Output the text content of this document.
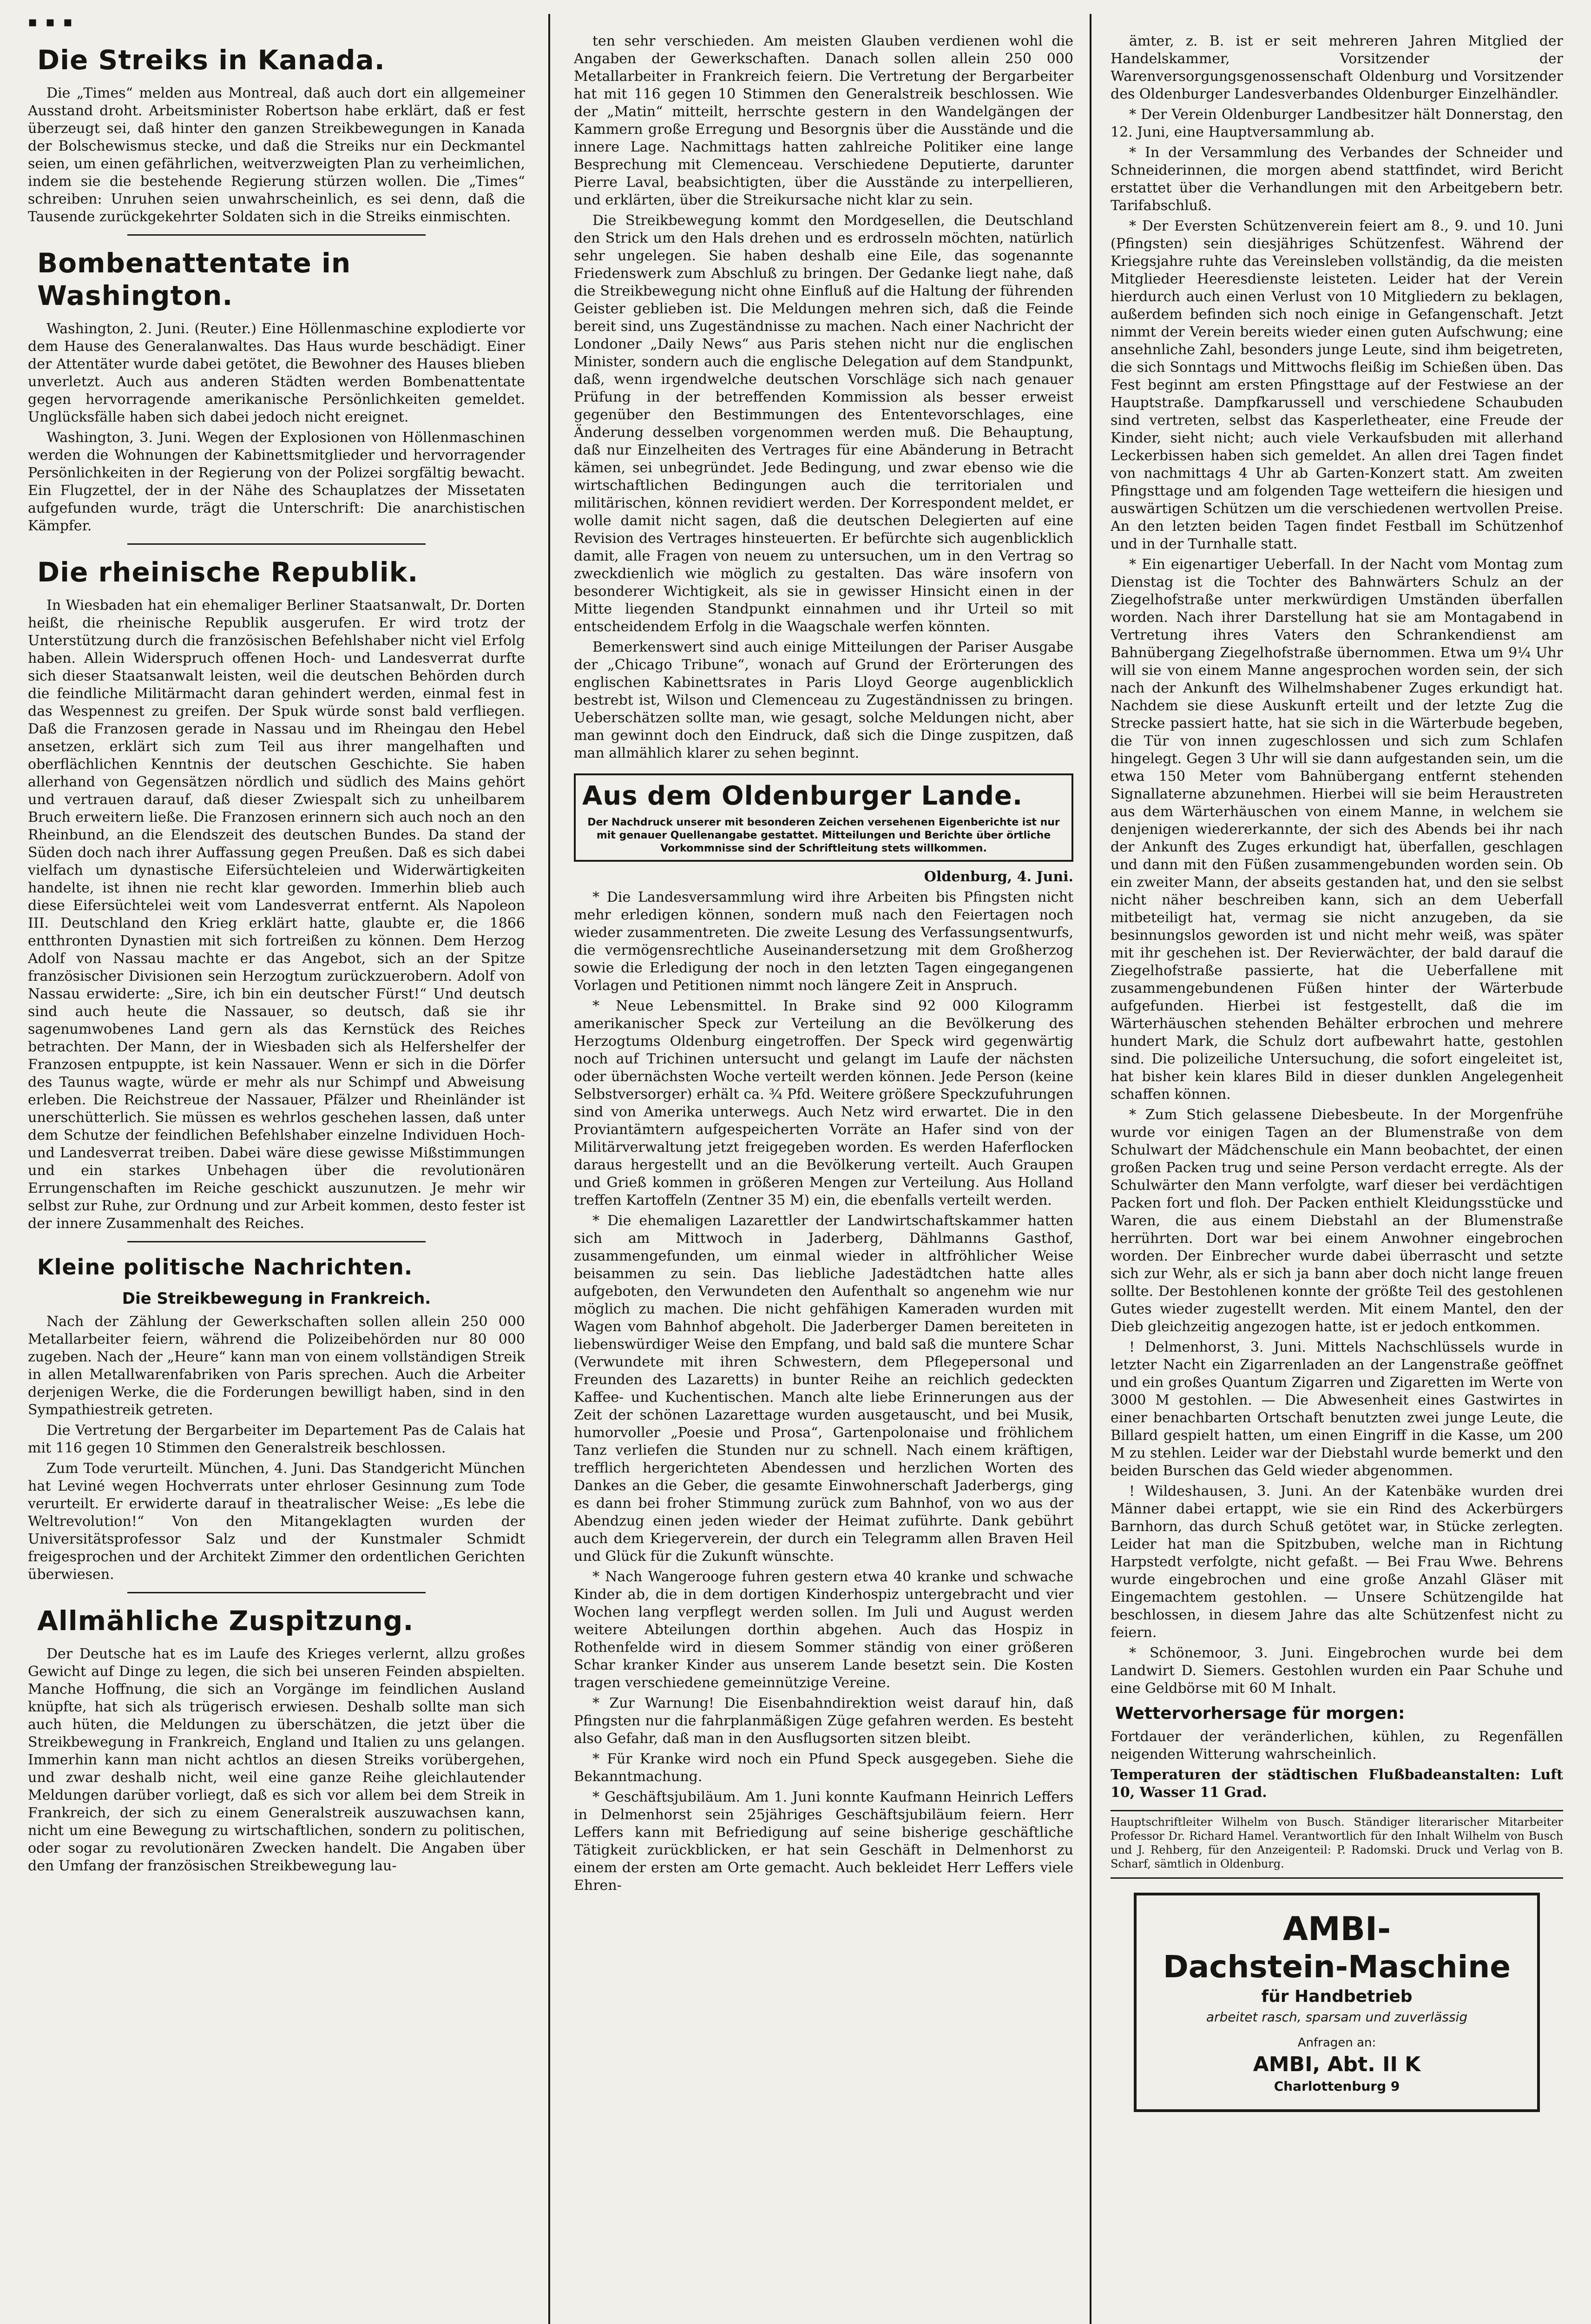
▪ ▪ ▪
Die Streiks in Kanada.

Die „Times“ melden aus Montreal, daß auch dort ein allgemeiner Ausstand droht. Arbeitsminister Robertson habe erklärt, daß er fest überzeugt sei, daß hinter den ganzen Streikbewegungen in Kanada der Bolschewismus stecke, und daß die Streiks nur ein Deckmantel seien, um einen gefährlichen, weitverzweigten Plan zu verheimlichen, indem sie die bestehende Regierung stürzen wollen. Die „Times“ schreiben: Unruhen seien unwahrscheinlich, es sei denn, daß die Tausende zurückgekehrter Soldaten sich in die Streiks einmischten.

Bombenattentate in Washington.

Washington, 2. Juni. (Reuter.) Eine Höllenmaschine explodierte vor dem Hause des Generalanwaltes. Das Haus wurde beschädigt. Einer der Attentäter wurde dabei getötet, die Bewohner des Hauses blieben unverletzt. Auch aus anderen Städten werden Bombenattentate gegen hervorragende amerikanische Persönlichkeiten gemeldet. Unglücksfälle haben sich dabei jedoch nicht ereignet.

Washington, 3. Juni. Wegen der Explosionen von Höllenmaschinen werden die Wohnungen der Kabinettsmitglieder und hervorragender Persönlichkeiten in der Regierung von der Polizei sorgfältig bewacht. Ein Flugzettel, der in der Nähe des Schauplatzes der Missetaten aufgefunden wurde, trägt die Unterschrift: Die anarchistischen Kämpfer.

Die rheinische Republik.

In Wiesbaden hat ein ehemaliger Berliner Staatsanwalt, Dr. Dorten heißt, die rheinische Republik ausgerufen. Er wird trotz der Unterstützung durch die französischen Befehlshaber nicht viel Erfolg haben. Allein Widerspruch offenen Hoch- und Landesverrat durfte sich dieser Staatsanwalt leisten, weil die deutschen Behörden durch die feindliche Militärmacht daran gehindert werden, einmal fest in das Wespennest zu greifen. Der Spuk würde sonst bald verfliegen. Daß die Franzosen gerade in Nassau und im Rheingau den Hebel ansetzen, erklärt sich zum Teil aus ihrer mangelhaften und oberflächlichen Kenntnis der deutschen Geschichte. Sie haben allerhand von Gegensätzen nördlich und südlich des Mains gehört und vertrauen darauf, daß dieser Zwiespalt sich zu unheilbarem Bruch erweitern ließe. Die Franzosen erinnern sich auch noch an den Rheinbund, an die Elendszeit des deutschen Bundes. Da stand der Süden doch nach ihrer Auffassung gegen Preußen. Daß es sich dabei vielfach um dynastische Eifersüchteleien und Widerwärtigkeiten handelte, ist ihnen nie recht klar geworden. Immerhin blieb auch diese Eifersüchtelei weit vom Landesverrat entfernt. Als Napoleon III. Deutschland den Krieg erklärt hatte, glaubte er, die 1866 entthronten Dynastien mit sich fortreißen zu können. Dem Herzog Adolf von Nassau machte er das Angebot, sich an der Spitze französischer Divisionen sein Herzogtum zurückzuerobern. Adolf von Nassau erwiderte: „Sire, ich bin ein deutscher Fürst!“ Und deutsch sind auch heute die Nassauer, so deutsch, daß sie ihr sagenumwobenes Land gern als das Kernstück des Reiches betrachten. Der Mann, der in Wiesbaden sich als Helfershelfer der Franzosen entpuppte, ist kein Nassauer. Wenn er sich in die Dörfer des Taunus wagte, würde er mehr als nur Schimpf und Abweisung erleben. Die Reichstreue der Nassauer, Pfälzer und Rheinländer ist unerschütterlich. Sie müssen es wehrlos geschehen lassen, daß unter dem Schutze der feindlichen Befehlshaber einzelne Individuen Hoch- und Landesverrat treiben. Dabei wäre diese gewisse Mißstimmungen und ein starkes Unbehagen über die revolutionären Errungenschaften im Reiche geschickt auszunutzen. Je mehr wir selbst zur Ruhe, zur Ordnung und zur Arbeit kommen, desto fester ist der innere Zusammenhalt des Reiches.

Kleine politische Nachrichten.
Die Streikbewegung in Frankreich.

Nach der Zählung der Gewerkschaften sollen allein 250 000 Metallarbeiter feiern, während die Polizeibehörden nur 80 000 zugeben. Nach der „Heure“ kann man von einem vollständigen Streik in allen Metallwarenfabriken von Paris sprechen. Auch die Arbeiter derjenigen Werke, die die Forderungen bewilligt haben, sind in den Sympathiestreik getreten.

Die Vertretung der Bergarbeiter im Departement Pas de Calais hat mit 116 gegen 10 Stimmen den Generalstreik beschlossen.

Zum Tode verurteilt. München, 4. Juni. Das Standgericht München hat Leviné wegen Hochverrats unter ehrloser Gesinnung zum Tode verurteilt. Er erwiderte darauf in theatralischer Weise: „Es lebe die Weltrevolution!“ Von den Mitangeklagten wurden der Universitätsprofessor Salz und der Kunstmaler Schmidt freigesprochen und der Architekt Zimmer den ordentlichen Gerichten überwiesen.

Allmähliche Zuspitzung.

Der Deutsche hat es im Laufe des Krieges verlernt, allzu großes Gewicht auf Dinge zu legen, die sich bei unseren Feinden abspielten. Manche Hoffnung, die sich an Vorgänge im feindlichen Ausland knüpfte, hat sich als trügerisch erwiesen. Deshalb sollte man sich auch hüten, die Meldungen zu überschätzen, die jetzt über die Streikbewegung in Frankreich, England und Italien zu uns gelangen. Immerhin kann man nicht achtlos an diesen Streiks vorübergehen, und zwar deshalb nicht, weil eine ganze Reihe gleichlautender Meldungen darüber vorliegt, daß es sich vor allem bei dem Streik in Frankreich, der sich zu einem Generalstreik auszuwachsen kann, nicht um eine Bewegung zu wirtschaftlichen, sondern zu politischen, oder sogar zu revolutionären Zwecken handelt. Die Angaben über den Umfang der französischen Streikbewegung lau-

ten sehr verschieden. Am meisten Glauben verdienen wohl die Angaben der Gewerkschaften. Danach sollen allein 250 000 Metallarbeiter in Frankreich feiern. Die Vertretung der Bergarbeiter hat mit 116 gegen 10 Stimmen den Generalstreik beschlossen. Wie der „Matin“ mitteilt, herrschte gestern in den Wandelgängen der Kammern große Erregung und Besorgnis über die Ausstände und die innere Lage. Nachmittags hatten zahlreiche Politiker eine lange Besprechung mit Clemenceau. Verschiedene Deputierte, darunter Pierre Laval, beabsichtigten, über die Ausstände zu interpellieren, und erklärten, über die Streikursache nicht klar zu sein.

Die Streikbewegung kommt den Mordgesellen, die Deutschland den Strick um den Hals drehen und es erdrosseln möchten, natürlich sehr ungelegen. Sie haben deshalb eine Eile, das sogenannte Friedenswerk zum Abschluß zu bringen. Der Gedanke liegt nahe, daß die Streikbewegung nicht ohne Einfluß auf die Haltung der führenden Geister geblieben ist. Die Meldungen mehren sich, daß die Feinde bereit sind, uns Zugeständnisse zu machen. Nach einer Nachricht der Londoner „Daily News“ aus Paris stehen nicht nur die englischen Minister, sondern auch die englische Delegation auf dem Standpunkt, daß, wenn irgendwelche deutschen Vorschläge sich nach genauer Prüfung in der betreffenden Kommission als besser erweist gegenüber den Bestimmungen des Ententevorschlages, eine Änderung desselben vorgenommen werden muß. Die Behauptung, daß nur Einzelheiten des Vertrages für eine Abänderung in Betracht kämen, sei unbegründet. Jede Bedingung, und zwar ebenso wie die wirtschaftlichen Bedingungen auch die territorialen und militärischen, können revidiert werden. Der Korrespondent meldet, er wolle damit nicht sagen, daß die deutschen Delegierten auf eine Revision des Vertrages hinsteuerten. Er befürchte sich augenblicklich damit, alle Fragen von neuem zu untersuchen, um in den Vertrag so zweckdienlich wie möglich zu gestalten. Das wäre insofern von besonderer Wichtigkeit, als sie in gewisser Hinsicht einen in der Mitte liegenden Standpunkt einnahmen und ihr Urteil so mit entscheidendem Erfolg in die Waagschale werfen könnten.

Bemerkenswert sind auch einige Mitteilungen der Pariser Ausgabe der „Chicago Tribune“, wonach auf Grund der Erörterungen des englischen Kabinettsrates in Paris Lloyd George augenblicklich bestrebt ist, Wilson und Clemenceau zu Zugeständnissen zu bringen. Ueberschätzen sollte man, wie gesagt, solche Meldungen nicht, aber man gewinnt doch den Eindruck, daß sich die Dinge zuspitzen, daß man allmählich klarer zu sehen beginnt.

Aus dem Oldenburger Lande.
Der Nachdruck unserer mit besonderen Zeichen versehenen Eigenberichte ist nur mit genauer Quellenangabe gestattet. Mitteilungen und Berichte über örtliche Vorkommnisse sind der Schriftleitung stets willkommen.
Oldenburg, 4. Juni.

* Die Landesversammlung wird ihre Arbeiten bis Pfingsten nicht mehr erledigen können, sondern muß nach den Feiertagen noch wieder zusammentreten. Die zweite Lesung des Verfassungsentwurfs, die vermögensrechtliche Auseinandersetzung mit dem Großherzog sowie die Erledigung der noch in den letzten Tagen eingegangenen Vorlagen und Petitionen nimmt noch längere Zeit in Anspruch.

* Neue Lebensmittel. In Brake sind 92 000 Kilogramm amerikanischer Speck zur Verteilung an die Bevölkerung des Herzogtums Oldenburg eingetroffen. Der Speck wird gegenwärtig noch auf Trichinen untersucht und gelangt im Laufe der nächsten oder übernächsten Woche verteilt werden können. Jede Person (keine Selbstversorger) erhält ca. ¾ Pfd. Weitere größere Speckzufuhrungen sind von Amerika unterwegs. Auch Netz wird erwartet. Die in den Proviantämtern aufgespeicherten Vorräte an Hafer sind von der Militärverwaltung jetzt freigegeben worden. Es werden Haferflocken daraus hergestellt und an die Bevölkerung verteilt. Auch Graupen und Grieß kommen in größeren Mengen zur Verteilung. Aus Holland treffen Kartoffeln (Zentner 35 M) ein, die ebenfalls verteilt werden.

* Die ehemaligen Lazarettler der Landwirtschaftskammer hatten sich am Mittwoch in Jaderberg, Dählmanns Gasthof, zusammengefunden, um einmal wieder in altfröhlicher Weise beisammen zu sein. Das liebliche Jadestädtchen hatte alles aufgeboten, den Verwundeten den Aufenthalt so angenehm wie nur möglich zu machen. Die nicht gehfähigen Kameraden wurden mit Wagen vom Bahnhof abgeholt. Die Jaderberger Damen bereiteten in liebenswürdiger Weise den Empfang, und bald saß die muntere Schar (Verwundete mit ihren Schwestern, dem Pflegepersonal und Freunden des Lazaretts) in bunter Reihe an reichlich gedeckten Kaffee- und Kuchentischen. Manch alte liebe Erinnerungen aus der Zeit der schönen Lazarettage wurden ausgetauscht, und bei Musik, humorvoller „Poesie und Prosa“, Gartenpolonaise und fröhlichem Tanz verliefen die Stunden nur zu schnell. Nach einem kräftigen, trefflich hergerichteten Abendessen und herzlichen Worten des Dankes an die Geber, die gesamte Einwohnerschaft Jaderbergs, ging es dann bei froher Stimmung zurück zum Bahnhof, von wo aus der Abendzug einen jeden wieder der Heimat zuführte. Dank gebührt auch dem Kriegerverein, der durch ein Telegramm allen Braven Heil und Glück für die Zukunft wünschte.

* Nach Wangerooge fuhren gestern etwa 40 kranke und schwache Kinder ab, die in dem dortigen Kinderhospiz untergebracht und vier Wochen lang verpflegt werden sollen. Im Juli und August werden weitere Abteilungen dorthin abgehen. Auch das Hospiz in Rothenfelde wird in diesem Sommer ständig von einer größeren Schar kranker Kinder aus unserem Lande besetzt sein. Die Kosten tragen verschiedene gemeinnützige Vereine.

* Zur Warnung! Die Eisenbahndirektion weist darauf hin, daß Pfingsten nur die fahrplanmäßigen Züge gefahren werden. Es besteht also Gefahr, daß man in den Ausflugsorten sitzen bleibt.

* Für Kranke wird noch ein Pfund Speck ausgegeben. Siehe die Bekanntmachung.

* Geschäftsjubiläum. Am 1. Juni konnte Kaufmann Heinrich Leffers in Delmenhorst sein 25jähriges Geschäftsjubiläum feiern. Herr Leffers kann mit Befriedigung auf seine bisherige geschäftliche Tätigkeit zurückblicken, er hat sein Geschäft in Delmenhorst zu einem der ersten am Orte gemacht. Auch bekleidet Herr Leffers viele Ehren-

ämter, z. B. ist er seit mehreren Jahren Mitglied der Handelskammer, Vorsitzender der Warenversorgungsgenossenschaft Oldenburg und Vorsitzender des Oldenburger Landesverbandes Oldenburger Einzelhändler.

* Der Verein Oldenburger Landbesitzer hält Donnerstag, den 12. Juni, eine Hauptversammlung ab.

* In der Versammlung des Verbandes der Schneider und Schneiderinnen, die morgen abend stattfindet, wird Bericht erstattet über die Verhandlungen mit den Arbeitgebern betr. Tarifabschluß.

* Der Eversten Schützenverein feiert am 8., 9. und 10. Juni (Pfingsten) sein diesjähriges Schützenfest. Während der Kriegsjahre ruhte das Vereinsleben vollständig, da die meisten Mitglieder Heeresdienste leisteten. Leider hat der Verein hierdurch auch einen Verlust von 10 Mitgliedern zu beklagen, außerdem befinden sich noch einige in Gefangenschaft. Jetzt nimmt der Verein bereits wieder einen guten Aufschwung; eine ansehnliche Zahl, besonders junge Leute, sind ihm beigetreten, die sich Sonntags und Mittwochs fleißig im Schießen üben. Das Fest beginnt am ersten Pfingsttage auf der Festwiese an der Hauptstraße. Dampfkarussell und verschiedene Schaubuden sind vertreten, selbst das Kasperletheater, eine Freude der Kinder, sieht nicht; auch viele Verkaufsbuden mit allerhand Leckerbissen haben sich gemeldet. An allen drei Tagen findet von nachmittags 4 Uhr ab Garten-Konzert statt. Am zweiten Pfingsttage und am folgenden Tage wetteifern die hiesigen und auswärtigen Schützen um die verschiedenen wertvollen Preise. An den letzten beiden Tagen findet Festball im Schützenhof und in der Turnhalle statt.

* Ein eigenartiger Ueberfall. In der Nacht vom Montag zum Dienstag ist die Tochter des Bahnwärters Schulz an der Ziegelhofstraße unter merkwürdigen Umständen überfallen worden. Nach ihrer Darstellung hat sie am Montagabend in Vertretung ihres Vaters den Schrankendienst am Bahnübergang Ziegelhofstraße übernommen. Etwa um 9¼ Uhr will sie von einem Manne angesprochen worden sein, der sich nach der Ankunft des Wilhelmshabener Zuges erkundigt hat. Nachdem sie diese Auskunft erteilt und der letzte Zug die Strecke passiert hatte, hat sie sich in die Wärterbude begeben, die Tür von innen zugeschlossen und sich zum Schlafen hingelegt. Gegen 3 Uhr will sie dann aufgestanden sein, um die etwa 150 Meter vom Bahnübergang entfernt stehenden Signallaterne abzunehmen. Hierbei will sie beim Heraustreten aus dem Wärterhäuschen von einem Manne, in welchem sie denjenigen wiedererkannte, der sich des Abends bei ihr nach der Ankunft des Zuges erkundigt hat, überfallen, geschlagen und dann mit den Füßen zusammengebunden worden sein. Ob ein zweiter Mann, der abseits gestanden hat, und den sie selbst nicht näher beschreiben kann, sich an dem Ueberfall mitbeteiligt hat, vermag sie nicht anzugeben, da sie besinnungslos geworden ist und nicht mehr weiß, was später mit ihr geschehen ist. Der Revierwächter, der bald darauf die Ziegelhofstraße passierte, hat die Ueberfallene mit zusammengebundenen Füßen hinter der Wärterbude aufgefunden. Hierbei ist festgestellt, daß die im Wärterhäuschen stehenden Behälter erbrochen und mehrere hundert Mark, die Schulz dort aufbewahrt hatte, gestohlen sind. Die polizeiliche Untersuchung, die sofort eingeleitet ist, hat bisher kein klares Bild in dieser dunklen Angelegenheit schaffen können.

* Zum Stich gelassene Diebesbeute. In der Morgenfrühe wurde vor einigen Tagen an der Blumenstraße von dem Schulwart der Mädchenschule ein Mann beobachtet, der einen großen Packen trug und seine Person verdacht erregte. Als der Schulwärter den Mann verfolgte, warf dieser bei verdächtigen Packen fort und floh. Der Packen enthielt Kleidungsstücke und Waren, die aus einem Diebstahl an der Blumenstraße herrührten. Dort war bei einem Anwohner eingebrochen worden. Der Einbrecher wurde dabei überrascht und setzte sich zur Wehr, als er sich ja bann aber doch nicht lange freuen sollte. Der Bestohlenen konnte der größte Teil des gestohlenen Gutes wieder zugestellt werden. Mit einem Mantel, den der Dieb gleichzeitig angezogen hatte, ist er jedoch entkommen.

! Delmenhorst, 3. Juni. Mittels Nachschlüssels wurde in letzter Nacht ein Zigarrenladen an der Langenstraße geöffnet und ein großes Quantum Zigarren und Zigaretten im Werte von 3000 M gestohlen. — Die Abwesenheit eines Gastwirtes in einer benachbarten Ortschaft benutzten zwei junge Leute, die Billard gespielt hatten, um einen Eingriff in die Kasse, um 200 M zu stehlen. Leider war der Diebstahl wurde bemerkt und den beiden Burschen das Geld wieder abgenommen.

! Wildeshausen, 3. Juni. An der Katenbäke wurden drei Männer dabei ertappt, wie sie ein Rind des Ackerbürgers Barnhorn, das durch Schuß getötet war, in Stücke zerlegten. Leider hat man die Spitzbuben, welche man in Richtung Harpstedt verfolgte, nicht gefaßt. — Bei Frau Wwe. Behrens wurde eingebrochen und eine große Anzahl Gläser mit Eingemachtem gestohlen. — Unsere Schützengilde hat beschlossen, in diesem Jahre das alte Schützenfest nicht zu feiern.

* Schönemoor, 3. Juni. Eingebrochen wurde bei dem Landwirt D. Siemers. Gestohlen wurden ein Paar Schuhe und eine Geldbörse mit 60 M Inhalt.

Wettervorhersage für morgen:

Fortdauer der veränderlichen, kühlen, zu Regenfällen neigenden Witterung wahrscheinlich.

Temperaturen der städtischen Flußbadeanstalten: Luft 10, Wasser 11 Grad.

Hauptschriftleiter Wilhelm von Busch. Ständiger literarischer Mitarbeiter Professor Dr. Richard Hamel. Verantwortlich für den Inhalt Wilhelm von Busch und J. Rehberg, für den Anzeigenteil: P. Radomski. Druck und Verlag von B. Scharf, sämtlich in Oldenburg.

AMBI-
Dachstein-Maschine
für Handbetrieb
arbeitet rasch, sparsam und zuverlässig
Anfragen an:
AMBI, Abt. II K
Charlottenburg 9
